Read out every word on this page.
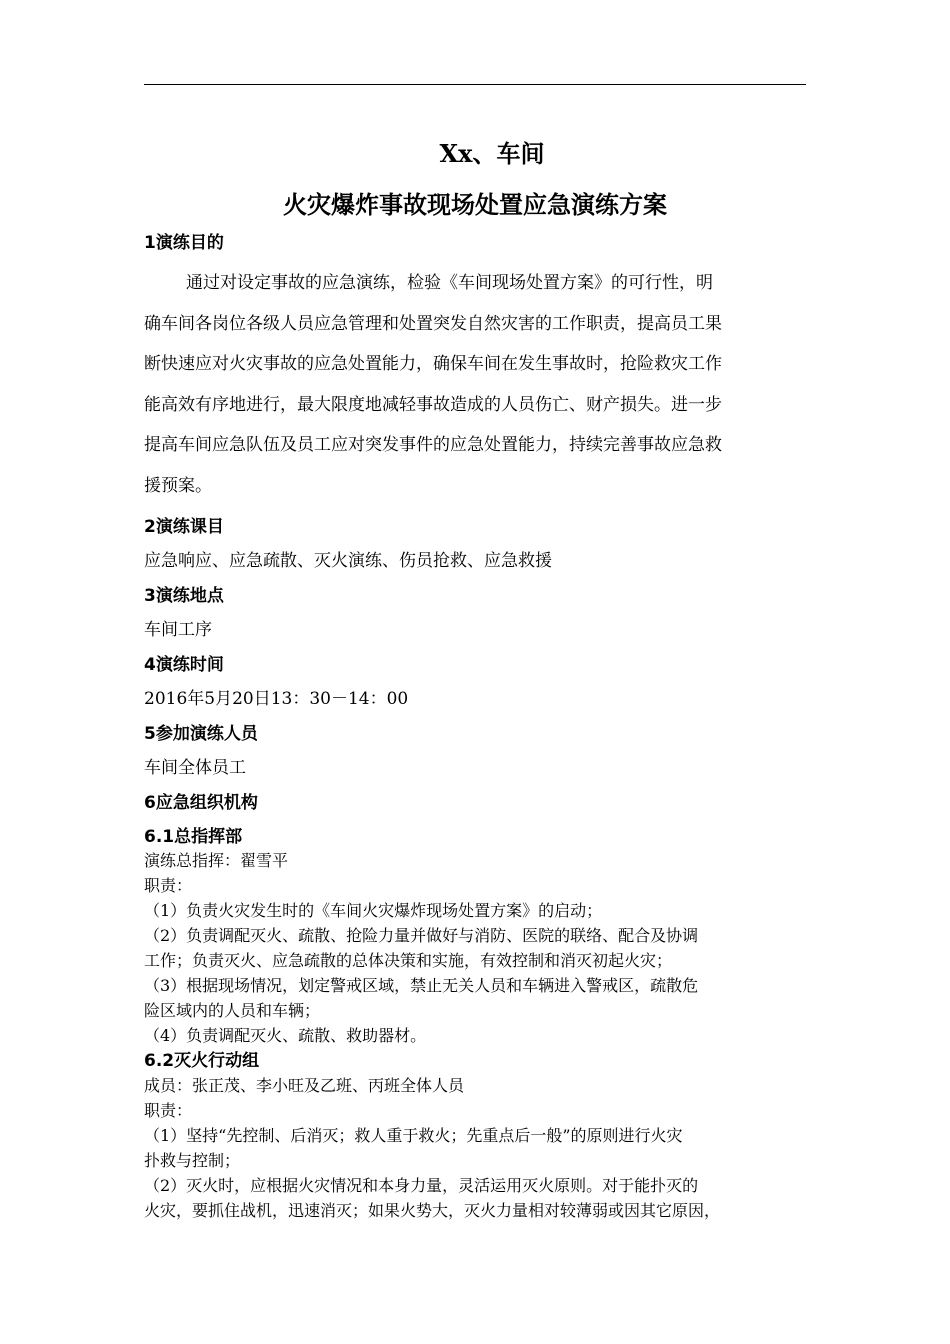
Xx、车间
火灾爆炸事故现场处置应急演练方案
1演练目的
通过对设定事故的应急演练，检验《车间现场处置方案》的可行性，明
确车间各岗位各级人员应急管理和处置突发自然灾害的工作职责，提高员工果
断快速应对火灾事故的应急处置能力，确保车间在发生事故时，抢险救灾工作
能高效有序地进行，最大限度地减轻事故造成的人员伤亡、财产损失。进一步
提高车间应急队伍及员工应对突发事件的应急处置能力，持续完善事故应急救
援预案。
2演练课目
应急响应、应急疏散、灭火演练、伤员抢救、应急救援
3演练地点
车间工序
4演练时间
2016年5月20日13：30－14：00
5参加演练人员
车间全体员工
6应急组织机构
6.1总指挥部
演练总指挥：翟雪平
职责：
（1）负责火灾发生时的《车间火灾爆炸现场处置方案》的启动；
（2）负责调配灭火、疏散、抢险力量并做好与消防、医院的联络、配合及协调
工作；负责灭火、应急疏散的总体决策和实施，有效控制和消灭初起火灾；
（3）根据现场情况，划定警戒区域，禁止无关人员和车辆进入警戒区，疏散危
险区域内的人员和车辆；
（4）负责调配灭火、疏散、救助器材。
6.2灭火行动组
成员：张正茂、李小旺及乙班、丙班全体人员
职责：
（1）坚持“先控制、后消灭；救人重于救火；先重点后一般”的原则进行火灾
扑救与控制；
（2）灭火时，应根据火灾情况和本身力量，灵活运用灭火原则。对于能扑灭的
火灾，要抓住战机，迅速消灭；如果火势大，灭火力量相对较薄弱或因其它原因，
